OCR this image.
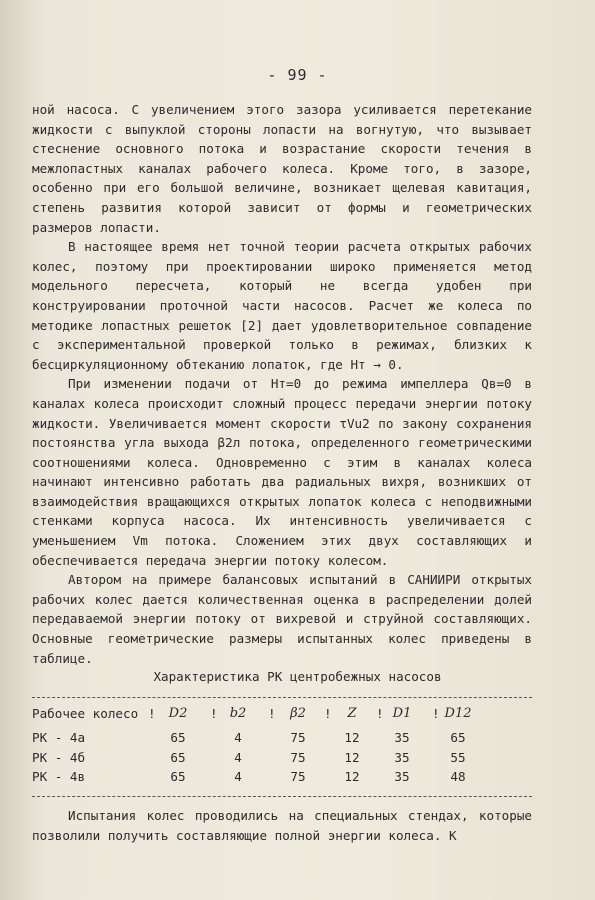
- 99 -

ной насоса. С увеличением этого зазора усиливается перетекание жидкости с выпуклой стороны лопасти на вогнутую, что вызывает стеснение основного потока и возрастание скорости течения в межлопастных каналах рабочего колеса. Кроме того, в зазоре, особенно при его большой величине, возникает щелевая кавитация, степень развития которой зависит от формы и геометрических размеров лопасти.

В настоящее время нет точной теории расчета открытых рабочих колес, поэтому при проектировании широко применяется метод модельного пересчета, который не всегда удобен при конструировании проточной части насосов. Расчет же колеса по методике лопастных решеток [2] дает удовлетворительное совпадение с экспериментальной проверкой только в режимах, близких к бесциркуляционному обтеканию лопаток, где Hт → 0.

При изменении подачи от Hт=0 до режима импеллера Qв=0 в каналах колеса происходит сложный процесс передачи энергии потоку жидкости. Увеличивается момент скорости τVu2 по закону сохранения постоянства угла выхода β2л потока, определенного геометрическими соотношениями колеса. Одновременно с этим в каналах колеса начинают интенсивно работать два радиальных вихря, возникших от взаимодействия вращающихся открытых лопаток колеса с неподвижными стенками корпуса насоса. Их интенсивность увеличивается с уменьшением Vm потока. Сложением этих двух составляющих и обеспечивается передача энергии потоку колесом.

Автором на примере балансовых испытаний в САНИИРИ открытых рабочих колес дается количественная оценка в распределении долей передаваемой энергии потоку от вихревой и струйной составляющих. Основные геометрические размеры испытанных колес приведены в таблице.

Характеристика РК центробежных насосов
Рабочее колесо !	D2	! b2	!	β2	!	Z	! D1	! D12
РК - 4а	65	4	75	12	35	65
РК - 4б	65	4	75	12	35	55
РК - 4в	65	4	75	12	35	48

Испытания колес проводились на специальных стендах, которые позволили получить составляющие полной энергии колеса. К
